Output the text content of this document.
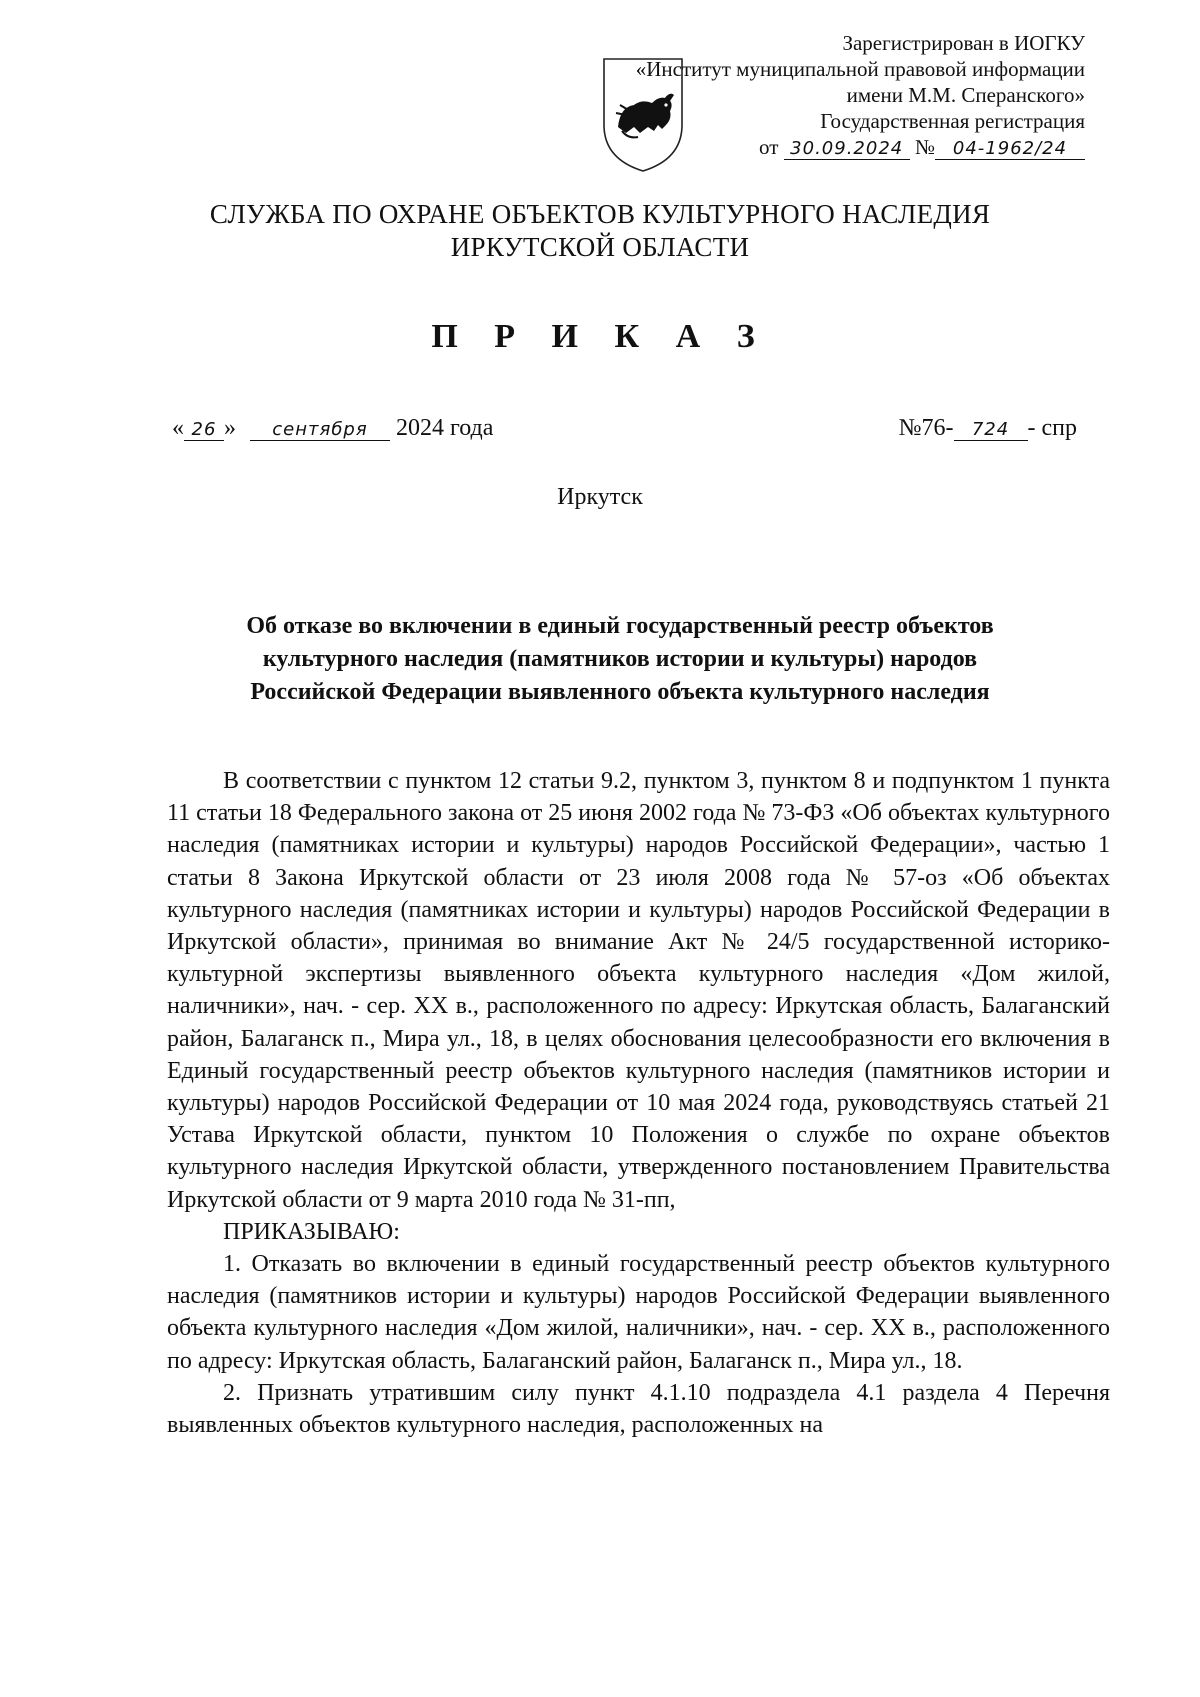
Зарегистрирован в ИОГКУ
«Институт муниципальной правовой информации
имени М.М. Сперанского»
Государственная регистрация
от 30.09.2024 № 04-1962/24
СЛУЖБА ПО ОХРАНЕ ОБЪЕКТОВ КУЛЬТУРНОГО НАСЛЕДИЯ
ИРКУТСКОЙ ОБЛАСТИ
П Р И К А З
« 26 » сентября 2024 года	№76- 724 - спр
Иркутск
Об отказе во включении в единый государственный реестр объектов
культурного наследия (памятников истории и культуры) народов
Российской Федерации выявленного объекта культурного наследия

В соответствии с пунктом 12 статьи 9.2, пунктом 3, пунктом 8 и подпунктом 1 пункта 11 статьи 18 Федерального закона от 25 июня 2002 года № 73-ФЗ «Об объектах культурного наследия (памятниках истории и культуры) народов Российской Федерации», частью 1 статьи 8 Закона Иркутской области от 23 июля 2008 года № 57-оз «Об объектах культурного наследия (памятниках истории и культуры) народов Российской Федерации в Иркутской области», принимая во внимание Акт № 24/5 государственной историко-культурной экспертизы выявленного объекта культурного наследия «Дом жилой, наличники», нач. - сер. XX в., расположенного по адресу: Иркутская область, Балаганский район, Балаганск п., Мира ул., 18, в целях обоснования целесообразности его включения в Единый государственный реестр объектов культурного наследия (памятников истории и культуры) народов Российской Федерации от 10 мая 2024 года, руководствуясь статьей 21 Устава Иркутской области, пунктом 10 Положения о службе по охране объектов культурного наследия Иркутской области, утвержденного постановлением Правительства Иркутской области от 9 марта 2010 года № 31-пп,

ПРИКАЗЫВАЮ:

1. Отказать во включении в единый государственный реестр объектов культурного наследия (памятников истории и культуры) народов Российской Федерации выявленного объекта культурного наследия «Дом жилой, наличники», нач. - сер. XX в., расположенного по адресу: Иркутская область, Балаганский район, Балаганск п., Мира ул., 18.

2. Признать утратившим силу пункт 4.1.10 подраздела 4.1 раздела 4 Перечня выявленных объектов культурного наследия, расположенных на
